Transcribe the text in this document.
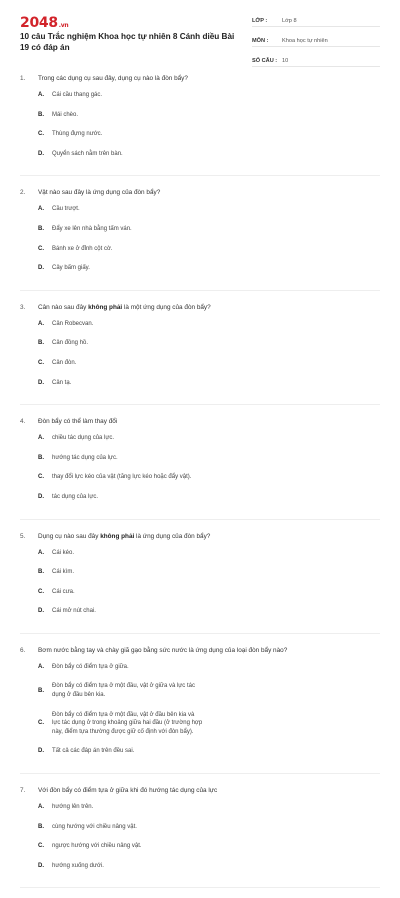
2048.vn
10 câu Trắc nghiệm Khoa học tự nhiên 8 Cánh diều Bài 19 có đáp án
LỚP :	Lớp 8
MÔN :	Khoa học tự nhiên
SỐ CÂU : 10
1.	Trong các dụng cụ sau đây, dụng cụ nào là đòn bẩy?
A.	Cái cầu thang gác.
B.	Mái chèo.
C.	Thùng đựng nước.
D.	Quyển sách nằm trên bàn.
2.	Vật nào sau đây là ứng dụng của đòn bẩy?
A.	Cầu trượt.
B.	Đẩy xe lên nhà bằng tấm ván.
C.	Bánh xe ở đỉnh cột cờ.
D.	Cây bấm giấy.
3.	Cân nào sau đây không phải là một ứng dụng của đòn bẩy?
A.	Cân Robecvan.
B.	Cân đồng hồ.
C.	Cân đòn.
D.	Cân tạ.
4.	Đòn bẩy có thể làm thay đổi
A.	chiều tác dụng của lực.
B.	hướng tác dụng của lực.
C.	thay đổi lực kéo của vật (tăng lực kéo hoặc đẩy vật).
D.	tác dụng của lực.
5.	Dụng cụ nào sau đây không phải là ứng dụng của đòn bẩy?
A.	Cái kéo.
B.	Cái kìm.
C.	Cái cưa.
D.	Cái mở nút chai.
6.	Bơm nước bằng tay và chày giã gạo bằng sức nước là ứng dụng của loại đòn bẩy nào?
A.	Đòn bẩy có điểm tựa ở giữa.
B.
Đòn bẩy có điểm tựa ở một đầu, vật ở giữa và lực tác dụng ở đầu bên kia.
C.
Đòn bẩy có điểm tựa ở một đầu, vật ở đầu bên kia và lực tác dụng ở trong khoảng giữa hai đầu (ở trường hợp này, điểm tựa thường được giữ cố định với đòn bẩy).
D.	Tất cả các đáp án trên đều sai.
7.	Với đòn bẩy có điểm tựa ở giữa khi đó hướng tác dụng của lực
A.	hướng lên trên.
B.	cùng hướng với chiều nâng vật.
C.	ngược hướng với chiều nâng vật.
D.	hướng xuống dưới.
